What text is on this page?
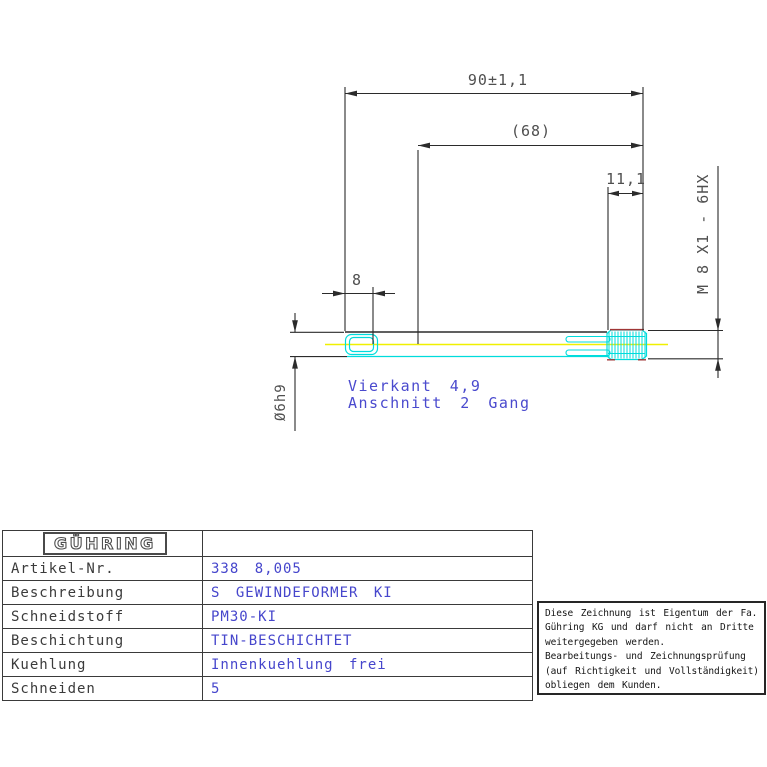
90±1,1
(68)
11,1
8	M 8 X1 - 6HX
Ø6h9	Vierkant 4,9
Anschnitt 2 Gang
GÜHRING	
Artikel-Nr.	338 8,005
Beschreibung	S GEWINDEFORMER KI
Schneidstoff	PM30-KI
Beschichtung	TIN-BESCHICHTET
Kuehlung	Innenkuehlung frei
Schneiden	5
Diese Zeichnung ist Eigentum der Fa.
Gühring KG und darf nicht an Dritte
weitergegeben werden.
Bearbeitungs- und Zeichnungsprüfung
(auf Richtigkeit und Vollständigkeit)
obliegen dem Kunden.
